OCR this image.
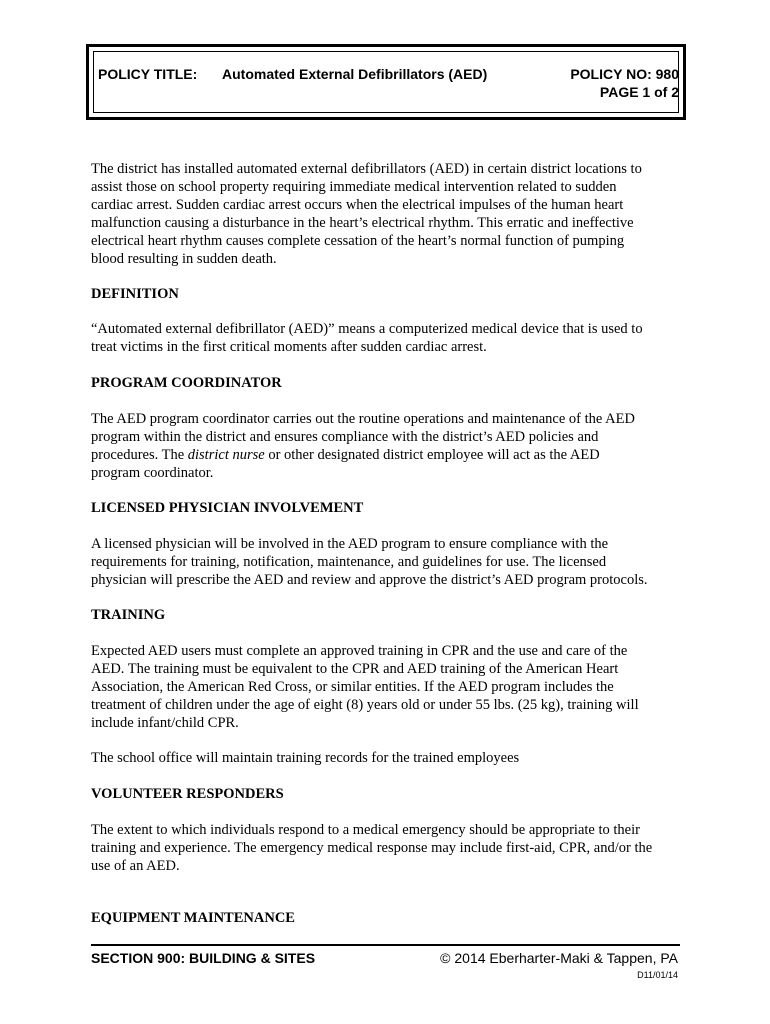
POLICY TITLE: Automated External Defibrillators (AED)	POLICY NO: 980
PAGE 1 of 2

The district has installed automated external defibrillators (AED) in certain district locations to
assist those on school property requiring immediate medical intervention related to sudden
cardiac arrest. Sudden cardiac arrest occurs when the electrical impulses of the human heart
malfunction causing a disturbance in the heart’s electrical rhythm. This erratic and ineffective
electrical heart rhythm causes complete cessation of the heart’s normal function of pumping
blood resulting in sudden death.

DEFINITION

“Automated external defibrillator (AED)” means a computerized medical device that is used to
treat victims in the first critical moments after sudden cardiac arrest.

PROGRAM COORDINATOR

The AED program coordinator carries out the routine operations and maintenance of the AED
program within the district and ensures compliance with the district’s AED policies and
procedures. The district nurse or other designated district employee will act as the AED
program coordinator.

LICENSED PHYSICIAN INVOLVEMENT

A licensed physician will be involved in the AED program to ensure compliance with the
requirements for training, notification, maintenance, and guidelines for use. The licensed
physician will prescribe the AED and review and approve the district’s AED program protocols.

TRAINING

Expected AED users must complete an approved training in CPR and the use and care of the
AED. The training must be equivalent to the CPR and AED training of the American Heart
Association, the American Red Cross, or similar entities. If the AED program includes the
treatment of children under the age of eight (8) years old or under 55 lbs. (25 kg), training will
include infant/child CPR.

The school office will maintain training records for the trained employees

VOLUNTEER RESPONDERS

The extent to which individuals respond to a medical emergency should be appropriate to their
training and experience. The emergency medical response may include first-aid, CPR, and/or the
use of an AED.

EQUIPMENT MAINTENANCE

SECTION 900: BUILDING & SITES	© 2014 Eberharter-Maki & Tappen, PA
D11/01/14
